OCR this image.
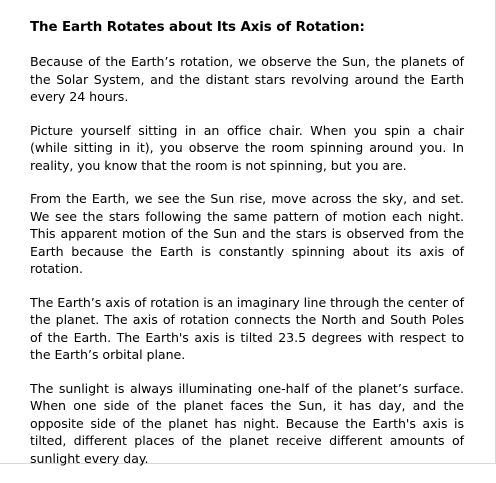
The Earth Rotates about Its Axis of Rotation:

Because of the Earth’s rotation, we observe the Sun, the planets of the Solar System, and the distant stars revolving around the Earth every 24 hours.

Picture yourself sitting in an office chair. When you spin a chair (while sitting in it), you observe the room spinning around you. In reality, you know that the room is not spinning, but you are.

From the Earth, we see the Sun rise, move across the sky, and set. We see the stars following the same pattern of motion each night. This apparent motion of the Sun and the stars is observed from the Earth because the Earth is constantly spinning about its axis of rotation.

The Earth’s axis of rotation is an imaginary line through the center of the planet. The axis of rotation connects the North and South Poles of the Earth. The Earth's axis is tilted 23.5 degrees with respect to the Earth’s orbital plane.

The sunlight is always illuminating one-half of the planet’s surface. When one side of the planet faces the Sun, it has day, and the opposite side of the planet has night. Because the Earth's axis is tilted, different places of the planet receive different amounts of sunlight every day.
